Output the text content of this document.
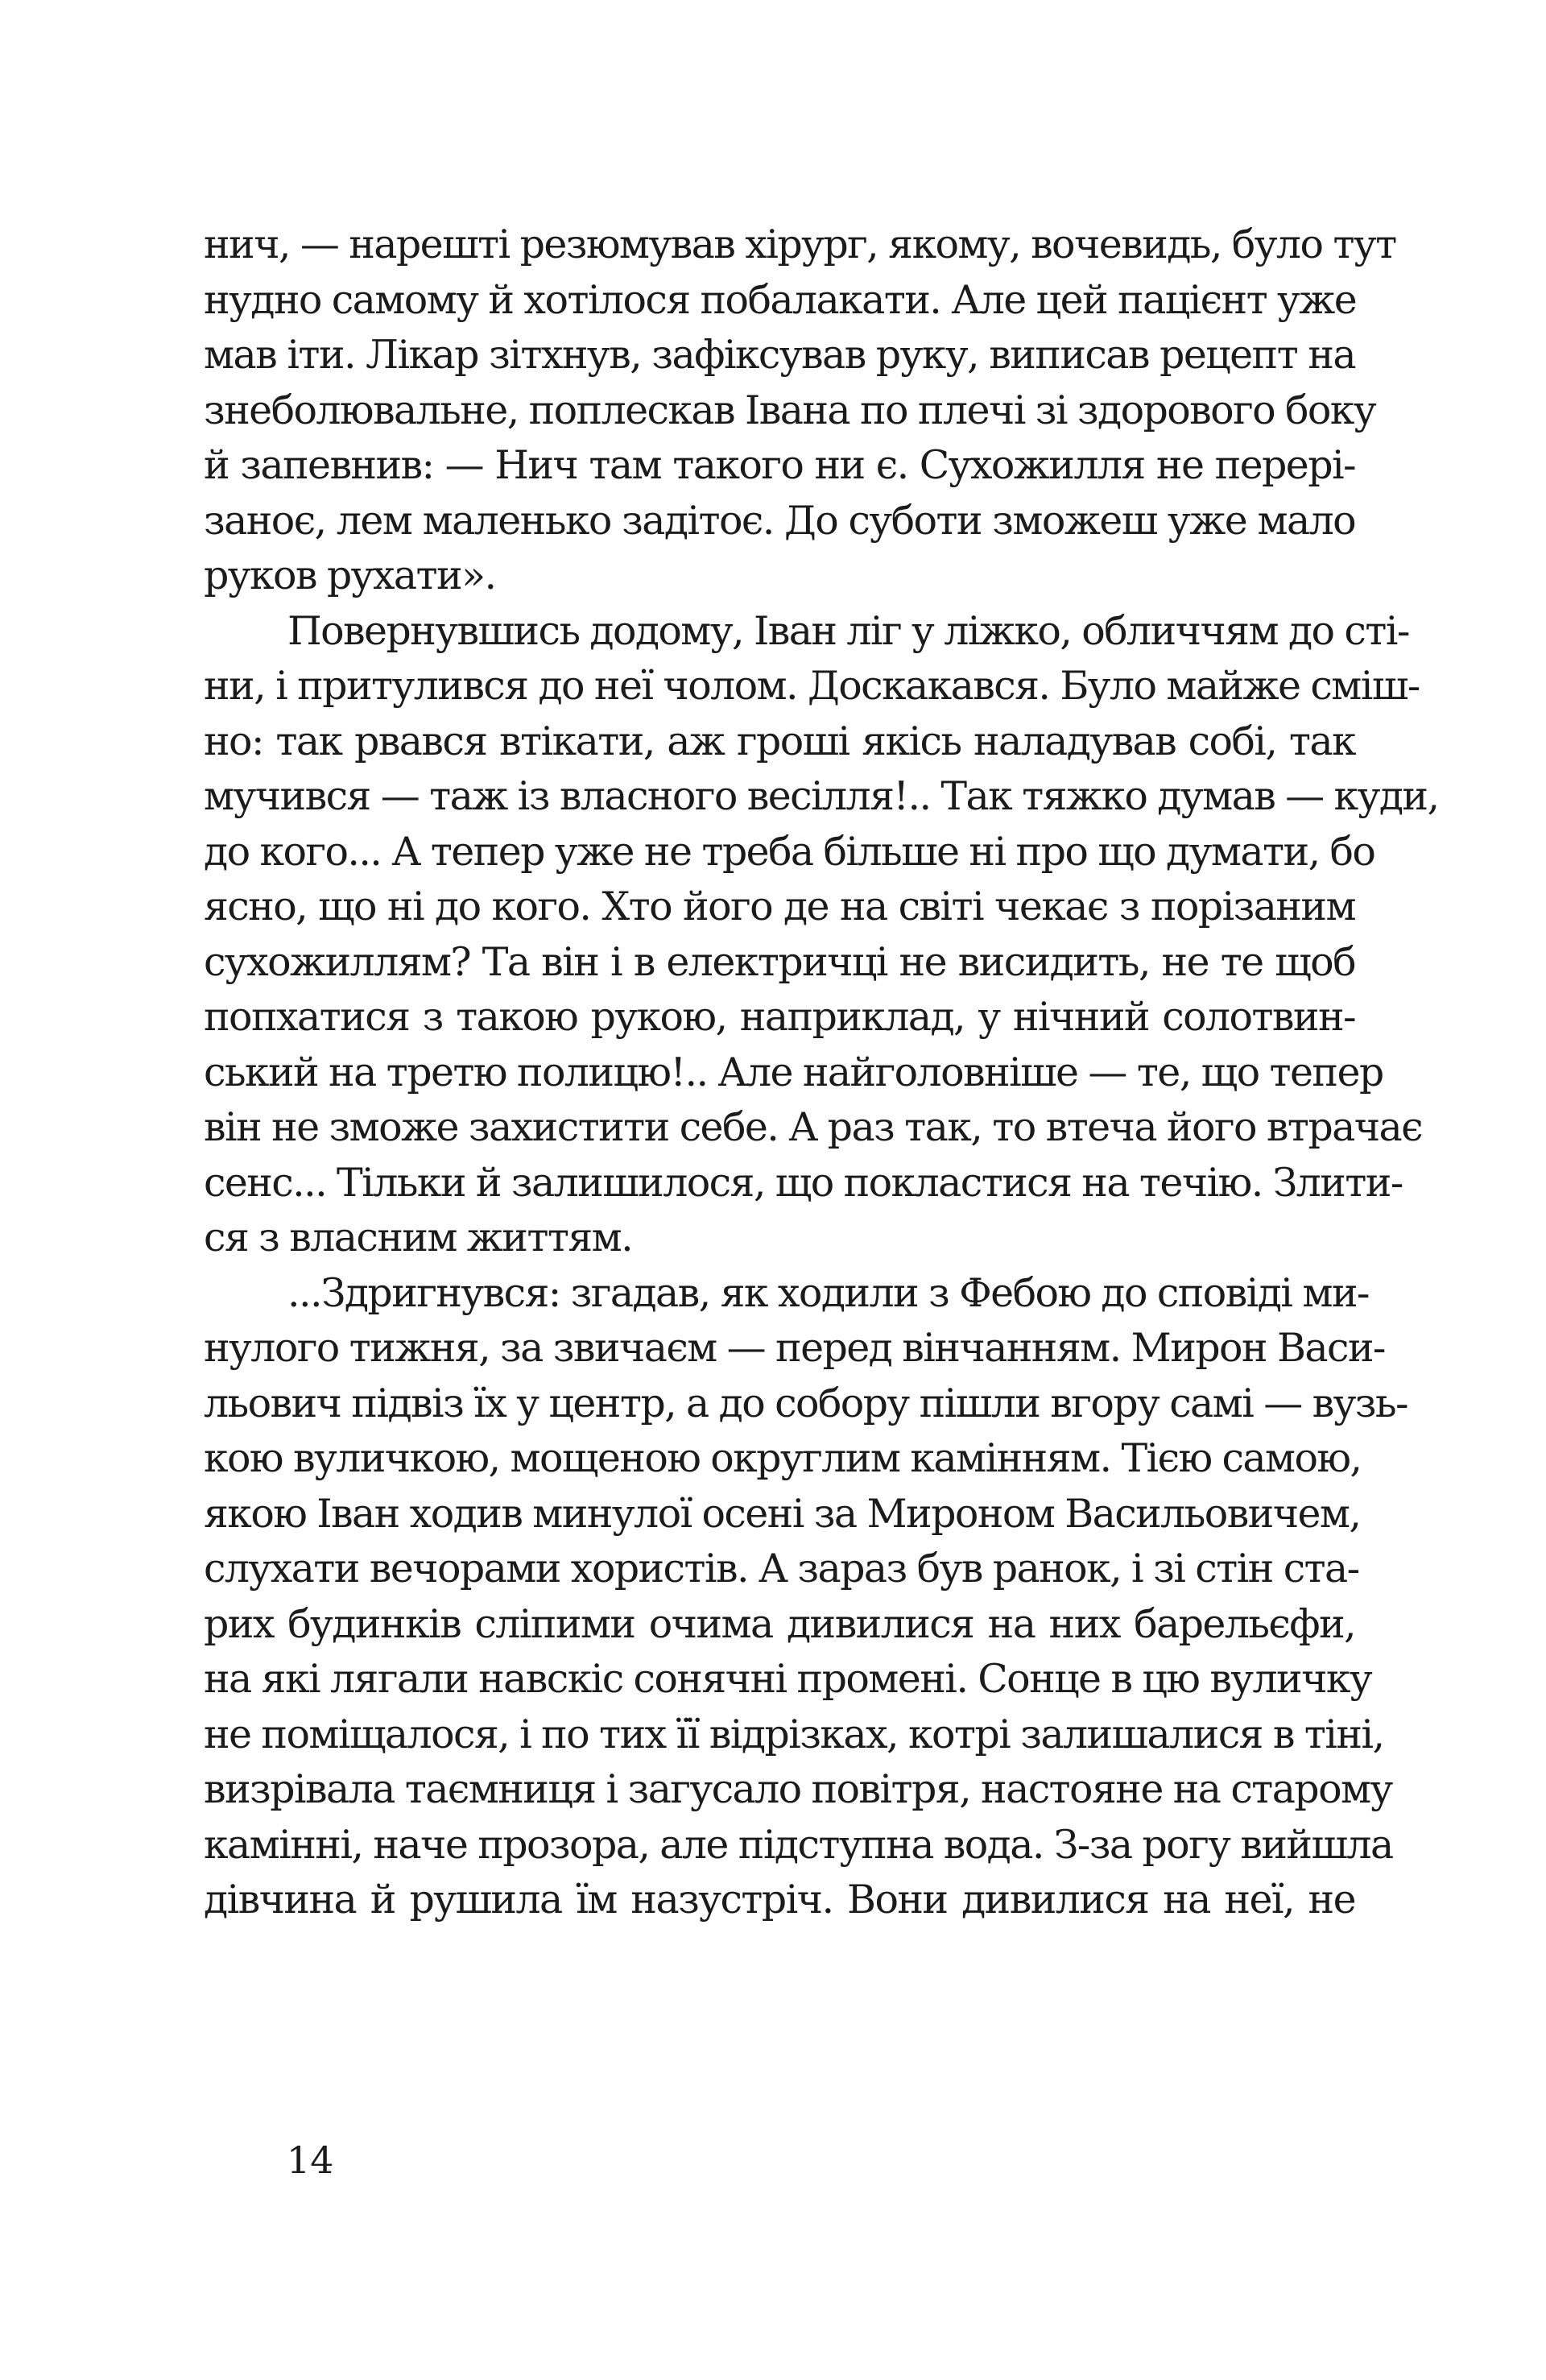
нич, — нарешті резюмував хірург, якому, вочевидь, було тут
нудно самому й хотілося побалакати. Але цей пацієнт уже
мав іти. Лікар зітхнув, зафіксував руку, виписав рецепт на
знеболювальне, поплескав Івана по плечі зі здорового боку
й запевнив: — Нич там такого ни є. Сухожилля не перері-
заноє, лем маленько задітоє. До суботи зможеш уже мало
руков рухати».
Повернувшись додому, Іван ліг у ліжко, обличчям до сті-
ни, і притулився до неї чолом. Доскакався. Було майже сміш-
но: так рвався втікати, аж гроші якісь наладував собі, так
мучився — таж із власного весілля!.. Так тяжко думав — куди,
до кого... А тепер уже не треба більше ні про що думати, бо
ясно, що ні до кого. Хто його де на світі чекає з порізаним
сухожиллям? Та він і в електричці не висидить, не те щоб
попхатися з такою рукою, наприклад, у нічний солотвин-
ський на третю полицю!.. Але найголовніше — те, що тепер
він не зможе захистити себе. А раз так, то втеча його втрачає
сенс... Тільки й залишилося, що покластися на течію. Злити-
ся з власним життям.
...Здригнувся: згадав, як ходили з Фебою до сповіді ми-
нулого тижня, за звичаєм — перед вінчанням. Мирон Васи-
льович підвіз їх у центр, а до собору пішли вгору самі — вузь-
кою вуличкою, мощеною округлим камінням. Тією самою,
якою Іван ходив минулої осені за Мироном Васильовичем,
слухати вечорами хористів. А зараз був ранок, і зі стін ста-
рих будинків сліпими очима дивилися на них барельєфи,
на які лягали навскіс сонячні промені. Сонце в цю вуличку
не поміщалося, і по тих її відрізках, котрі залишалися в тіні,
визрівала таємниця і загусало повітря, настояне на старому
камінні, наче прозора, але підступна вода. З-за рогу вийшла
дівчина й рушила їм назустріч. Вони дивилися на неї, не
14
